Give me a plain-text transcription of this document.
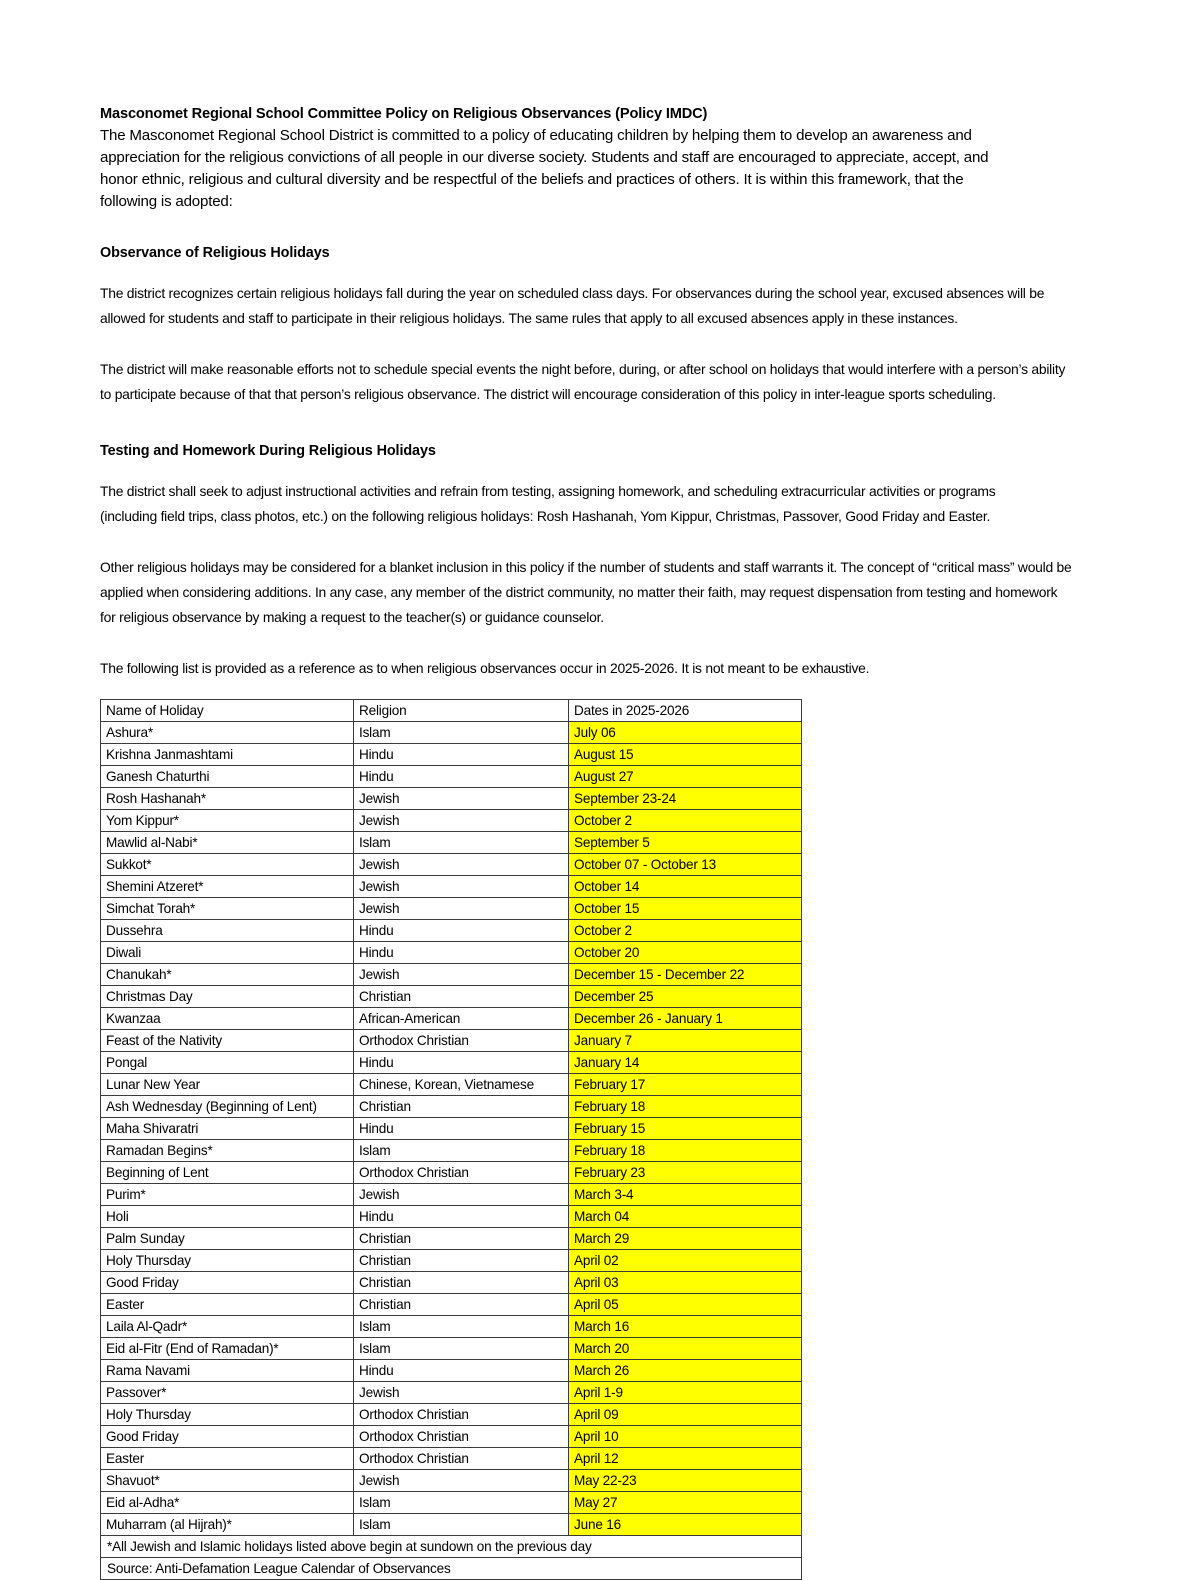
Masconomet Regional School Committee Policy on Religious Observances (Policy IMDC)

The Masconomet Regional School District is committed to a policy of educating children by helping them to develop an awareness and appreciation for the religious convictions of all people in our diverse society. Students and staff are encouraged to appreciate, accept, and honor ethnic, religious and cultural diversity and be respectful of the beliefs and practices of others. It is within this framework, that the following is adopted:

Observance of Religious Holidays

The district recognizes certain religious holidays fall during the year on scheduled class days. For observances during the school year, excused absences will be allowed for students and staff to participate in their religious holidays. The same rules that apply to all excused absences apply in these instances.

The district will make reasonable efforts not to schedule special events the night before, during, or after school on holidays that would interfere with a person’s ability to participate because of that that person’s religious observance. The district will encourage consideration of this policy in inter-league sports scheduling.

Testing and Homework During Religious Holidays

The district shall seek to adjust instructional activities and refrain from testing, assigning homework, and scheduling extracurricular activities or programs (including field trips, class photos, etc.) on the following religious holidays: Rosh Hashanah, Yom Kippur, Christmas, Passover, Good Friday and Easter.

Other religious holidays may be considered for a blanket inclusion in this policy if the number of students and staff warrants it. The concept of “critical mass” would be applied when considering additions. In any case, any member of the district community, no matter their faith, may request dispensation from testing and homework for religious observance by making a request to the teacher(s) or guidance counselor.

The following list is provided as a reference as to when religious observances occur in 2025-2026. It is not meant to be exhaustive.

Name of Holiday	Religion	Dates in 2025-2026
Ashura*	Islam	July 06
Krishna Janmashtami	Hindu	August 15
Ganesh Chaturthi	Hindu	August 27
Rosh Hashanah*	Jewish	September 23-24
Yom Kippur*	Jewish	October 2
Mawlid al-Nabi*	Islam	September 5
Sukkot*	Jewish	October 07 - October 13
Shemini Atzeret*	Jewish	October 14
Simchat Torah*	Jewish	October 15
Dussehra	Hindu	October 2
Diwali	Hindu	October 20
Chanukah*	Jewish	December 15 - December 22
Christmas Day	Christian	December 25
Kwanzaa	African-American	December 26 - January 1
Feast of the Nativity	Orthodox Christian	January 7
Pongal	Hindu	January 14
Lunar New Year	Chinese, Korean, Vietnamese	February 17
Ash Wednesday (Beginning of Lent)	Christian	February 18
Maha Shivaratri	Hindu	February 15
Ramadan Begins*	Islam	February 18
Beginning of Lent	Orthodox Christian	February 23
Purim*	Jewish	March 3-4
Holi	Hindu	March 04
Palm Sunday	Christian	March 29
Holy Thursday	Christian	April 02
Good Friday	Christian	April 03
Easter	Christian	April 05
Laila Al-Qadr*	Islam	March 16
Eid al-Fitr (End of Ramadan)*	Islam	March 20
Rama Navami	Hindu	March 26
Passover*	Jewish	April 1-9
Holy Thursday	Orthodox Christian	April 09
Good Friday	Orthodox Christian	April 10
Easter	Orthodox Christian	April 12
Shavuot*	Jewish	May 22-23
Eid al-Adha*	Islam	May 27
Muharram (al Hijrah)*	Islam	June 16
*All Jewish and Islamic holidays listed above begin at sundown on the previous day		
Source: Anti-Defamation League Calendar of Observances		
